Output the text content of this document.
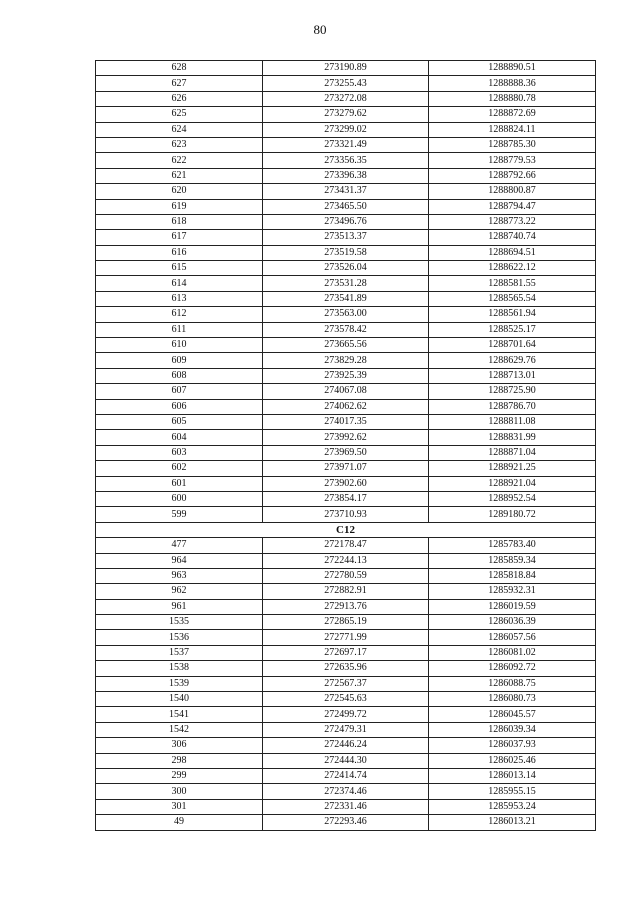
80
628	273190.89	1288890.51
627	273255.43	1288888.36
626	273272.08	1288880.78
625	273279.62	1288872.69
624	273299.02	1288824.11
623	273321.49	1288785.30
622	273356.35	1288779.53
621	273396.38	1288792.66
620	273431.37	1288800.87
619	273465.50	1288794.47
618	273496.76	1288773.22
617	273513.37	1288740.74
616	273519.58	1288694.51
615	273526.04	1288622.12
614	273531.28	1288581.55
613	273541.89	1288565.54
612	273563.00	1288561.94
611	273578.42	1288525.17
610	273665.56	1288701.64
609	273829.28	1288629.76
608	273925.39	1288713.01
607	274067.08	1288725.90
606	274062.62	1288786.70
605	274017.35	1288811.08
604	273992.62	1288831.99
603	273969.50	1288871.04
602	273971.07	1288921.25
601	273902.60	1288921.04
600	273854.17	1288952.54
599	273710.93	1289180.72
C12		
477	272178.47	1285783.40
964	272244.13	1285859.34
963	272780.59	1285818.84
962	272882.91	1285932.31
961	272913.76	1286019.59
1535	272865.19	1286036.39
1536	272771.99	1286057.56
1537	272697.17	1286081.02
1538	272635.96	1286092.72
1539	272567.37	1286088.75
1540	272545.63	1286080.73
1541	272499.72	1286045.57
1542	272479.31	1286039.34
306	272446.24	1286037.93
298	272444.30	1286025.46
299	272414.74	1286013.14
300	272374.46	1285955.15
301	272331.46	1285953.24
49	272293.46	1286013.21
